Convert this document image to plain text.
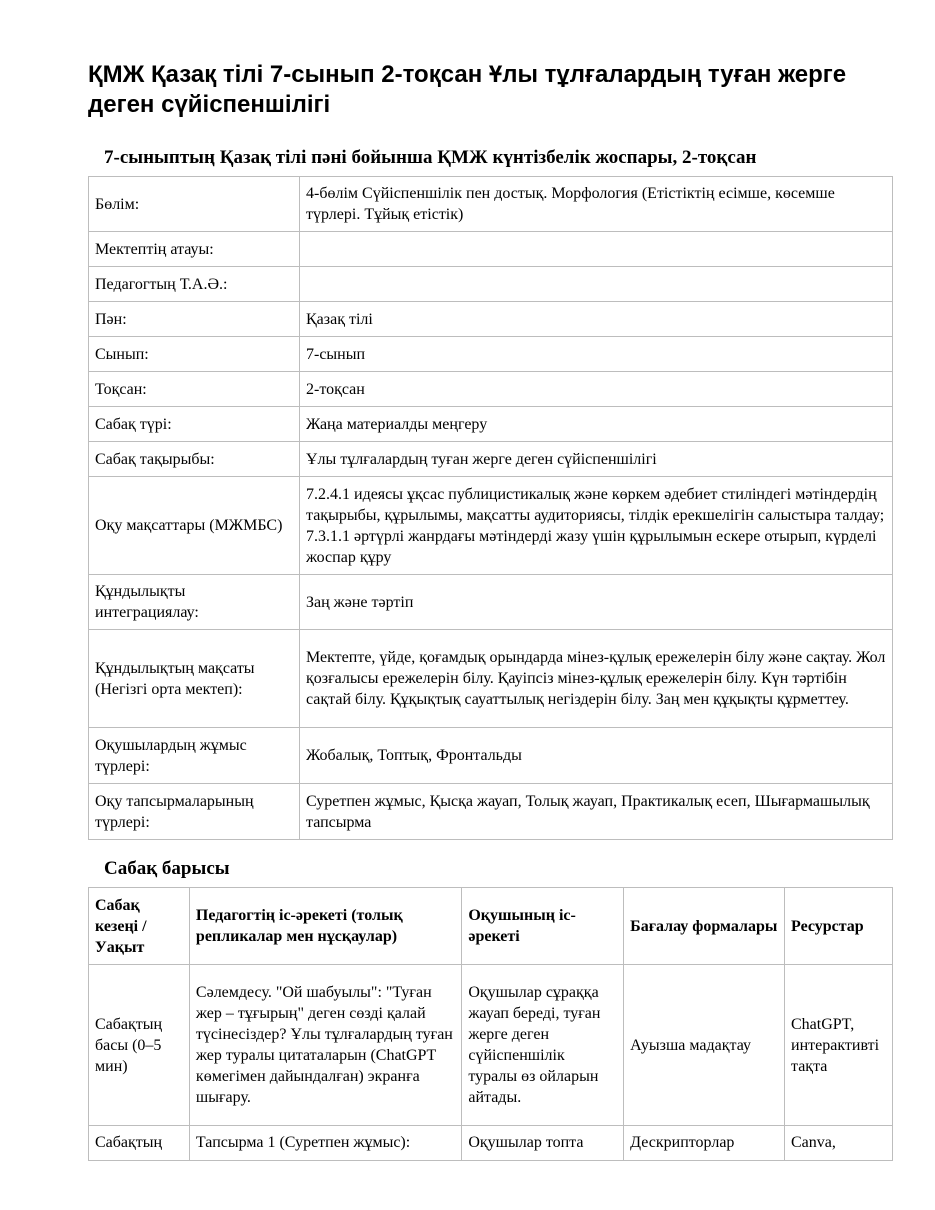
ҚМЖ Қазақ тілі 7-сынып 2-тоқсан Ұлы тұлғалардың туған жерге деген сүйіспеншілігі
7-сыныптың Қазақ тілі пәні бойынша ҚМЖ күнтізбелік жоспары, 2-тоқсан
Бөлім:	4-бөлім Сүйіспеншілік пен достық. Морфология (Етістіктің есімше, көсемше түрлері. Тұйық етістік)
Мектептің атауы:	
Педагогтың Т.А.Ә.:	
Пән:	Қазақ тілі
Сынып:	7-сынып
Тоқсан:	2-тоқсан
Сабақ түрі:	Жаңа материалды меңгеру
Сабақ тақырыбы:	Ұлы тұлғалардың туған жерге деген сүйіспеншілігі
Оқу мақсаттары (МЖМБС)	7.2.4.1 идеясы ұқсас публицистикалық және көркем әдебиет стиліндегі мәтіндердің тақырыбы, құрылымы, мақсатты аудиториясы, тілдік ерекшелігін салыстыра талдау; 7.3.1.1 әртүрлі жанрдағы мәтіндерді жазу үшін құрылымын ескере отырып, күрделі жоспар құру
Құндылықты интеграциялау:	Заң және тәртіп
Құндылықтың мақсаты (Негізгі орта мектеп):	Мектепте, үйде, қоғамдық орындарда мінез-құлық ережелерін білу және сақтау. Жол қозғалысы ережелерін білу. Қауіпсіз мінез-құлық ережелерін білу. Күн тәртібін сақтай білу. Құқықтық сауаттылық негіздерін білу. Заң мен құқықты құрметтеу.
Оқушылардың жұмыс түрлері:	Жобалық, Топтық, Фронтальды
Оқу тапсырмаларының түрлері:	Суретпен жұмыс, Қысқа жауап, Толық жауап, Практикалық есеп, Шығармашылық тапсырма
Сабақ барысы
Сабақ кезеңі / Уақыт	Педагогтің іс-әрекеті (толық репликалар мен нұсқаулар)	Оқушының іс-әрекеті	Бағалау формалары	Ресурстар
Сабақтың басы (0–5 мин)	Сәлемдесу. "Ой шабуылы": "Туған жер – тұғырың" деген сөзді қалай түсінесіздер? Ұлы тұлғалардың туған жер туралы цитаталарын (ChatGPT көмегімен дайындалған) экранға шығару.	Оқушылар сұраққа жауап береді, туған жерге деген сүйіспеншілік туралы өз ойларын айтады.	Ауызша мадақтау	ChatGPT, интерактивті тақта
Сабақтың	Тапсырма 1 (Суретпен жұмыс):	Оқушылар топта	Дескрипторлар	Canva,
